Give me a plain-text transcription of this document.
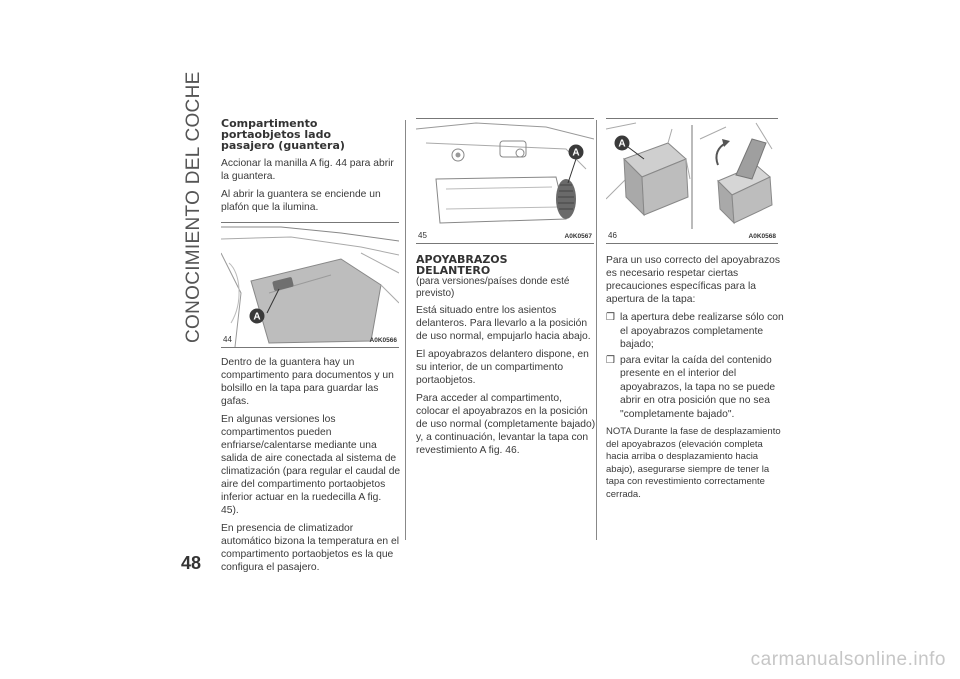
CONOCIMIENTO DEL COCHE
48
Compartimento
portaobjetos lado
pasajero (guantera)

Accionar la manilla A fig. 44 para abrir la guantera.

Al abrir la guantera se enciende un plafón que la ilumina.

A
44	A0K0566

Dentro de la guantera hay un compartimento para documentos y un bolsillo en la tapa para guardar las gafas.

En algunas versiones los compartimentos pueden enfriarse/calentarse mediante una salida de aire conectada al sistema de climatización (para regular el caudal de aire del compartimento portaobjetos inferior actuar en la ruedecilla A fig. 45).

En presencia de climatizador automático bizona la temperatura en el compartimento portaobjetos es la que configura el pasajero.

A
45	A0K0567
APOYABRAZOS
DELANTERO

(para versiones/países donde esté previsto)

Está situado entre los asientos delanteros. Para llevarlo a la posición de uso normal, empujarlo hacia abajo.

El apoyabrazos delantero dispone, en su interior, de un compartimento portaobjetos.

Para acceder al compartimento, colocar el apoyabrazos en la posición de uso normal (completamente bajado) y, a continuación, levantar la tapa con revestimiento A fig. 46.

A
46	A0K0568

Para un uso correcto del apoyabrazos es necesario respetar ciertas precauciones específicas para la apertura de la tapa:

❒ la apertura debe realizarse sólo con el apoyabrazos completamente bajado;
❒ para evitar la caída del contenido presente en el interior del apoyabrazos, la tapa no se puede abrir en otra posición que no sea "completamente bajado".

NOTA Durante la fase de desplazamiento del apoyabrazos (elevación completa hacia arriba o desplazamiento hacia abajo), asegurarse siempre de tener la tapa con revestimiento correctamente cerrada.

carmanualsonline.info
